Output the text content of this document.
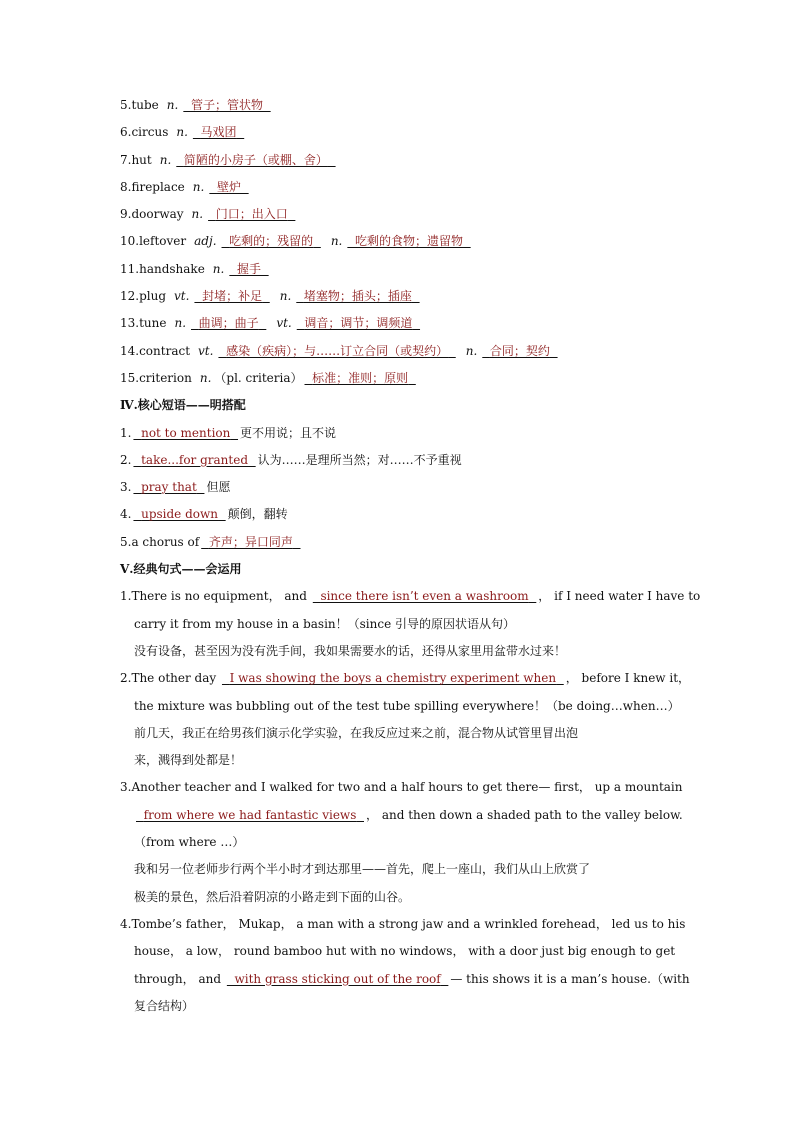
5.tube n. 管子；管状物
6.circus n. 马戏团
7.hut n. 简陋的小房子（或棚、舍）
8.fireplace n. 壁炉
9.doorway n. 门口；出入口
10.leftover adj. 吃剩的；残留的 n. 吃剩的食物；遗留物
11.handshake n. 握手
12.plug vt. 封堵；补足 n. 堵塞物；插头；插座
13.tune n. 曲调；曲子 vt. 调音；调节；调频道
14.contract vt. 感染（疾病）；与……订立合同（或契约） n. 合同；契约
15.criterion n. （pl. criteria） 标准；准则；原则
Ⅳ.核心短语——明搭配
1. not to mention 更不用说；且不说
2. take...for granted 认为……是理所当然；对……不予重视
3. pray that 但愿
4. upside down 颠倒，翻转
5.a chorus of 齐声；异口同声
Ⅴ.经典句式——会运用
1.There is no equipment， and since there isn’t even a washroom ， if I need water I have to
carry it from my house in a basin！（since 引导的原因状语从句）
没有设备，甚至因为没有洗手间，我如果需要水的话，还得从家里用盆带水过来！
2.The other day I was showing the boys a chemistry experiment when ， before I knew it，
the mixture was bubbling out of the test tube spilling everywhere！（be doing…when…）
前几天，我正在给男孩们演示化学实验，在我反应过来之前，混合物从试管里冒出泡
来，溅得到处都是！
3.Another teacher and I walked for two and a half hours to get there— first， up a mountain
from where we had fantastic views ， and then down a shaded path to the valley below.
（from where …）
我和另一位老师步行两个半小时才到达那里——首先，爬上一座山，我们从山上欣赏了
极美的景色，然后沿着阴凉的小路走到下面的山谷。
4.Tombe’s father， Mukap， a man with a strong jaw and a wrinkled forehead， led us to his
house， a low， round bamboo hut with no windows， with a door just big enough to get
through， and with grass sticking out of the roof — this shows it is a man’s house.（with
复合结构）
